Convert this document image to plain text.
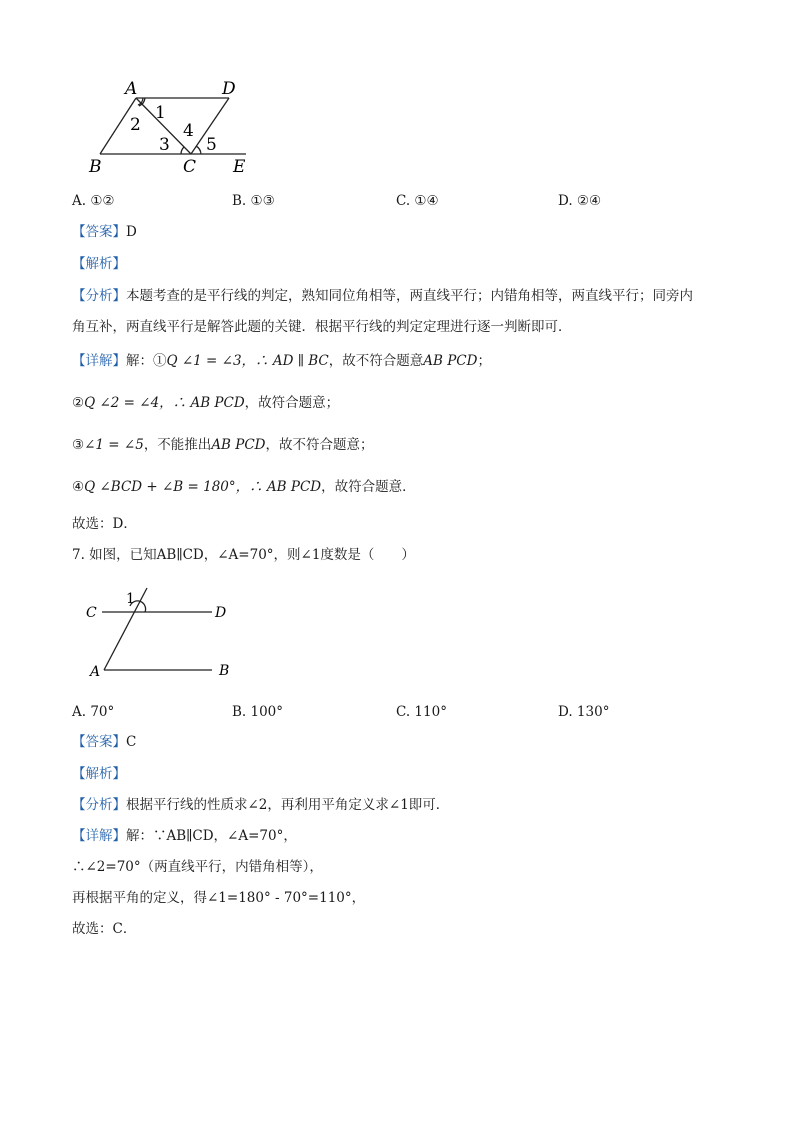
A	D
B	C E
1
2
3
4
5
A. ①②	B. ①③	C. ①④	D. ②④
【答案】D
【解析】
【分析】本题考查的是平行线的判定，熟知同位角相等，两直线平行；内错角相等，两直线平行；同旁内
角互补，两直线平行是解答此题的关键．根据平行线的判定定理进行逐一判断即可．
【详解】解：①Q ∠1 = ∠3，∴ AD ∥ BC，故不符合题意AB PCD；
②Q ∠2 = ∠4，∴ AB PCD，故符合题意；
③∠1 = ∠5，不能推出AB PCD，故不符合题意；
④Q ∠BCD + ∠B = 180°，∴ AB PCD，故符合题意．
故选：D．
7. 如图，已知AB∥CD，∠A=70°，则∠1度数是（　　）
C	D
A	B
1
A. 70°	B. 100°	C. 110°	D. 130°
【答案】C
【解析】
【分析】根据平行线的性质求∠2，再利用平角定义求∠1即可．
【详解】解：∵AB∥CD，∠A=70°，
∴∠2=70°（两直线平行，内错角相等），
再根据平角的定义，得∠1=180° - 70°=110°，
故选：C．
